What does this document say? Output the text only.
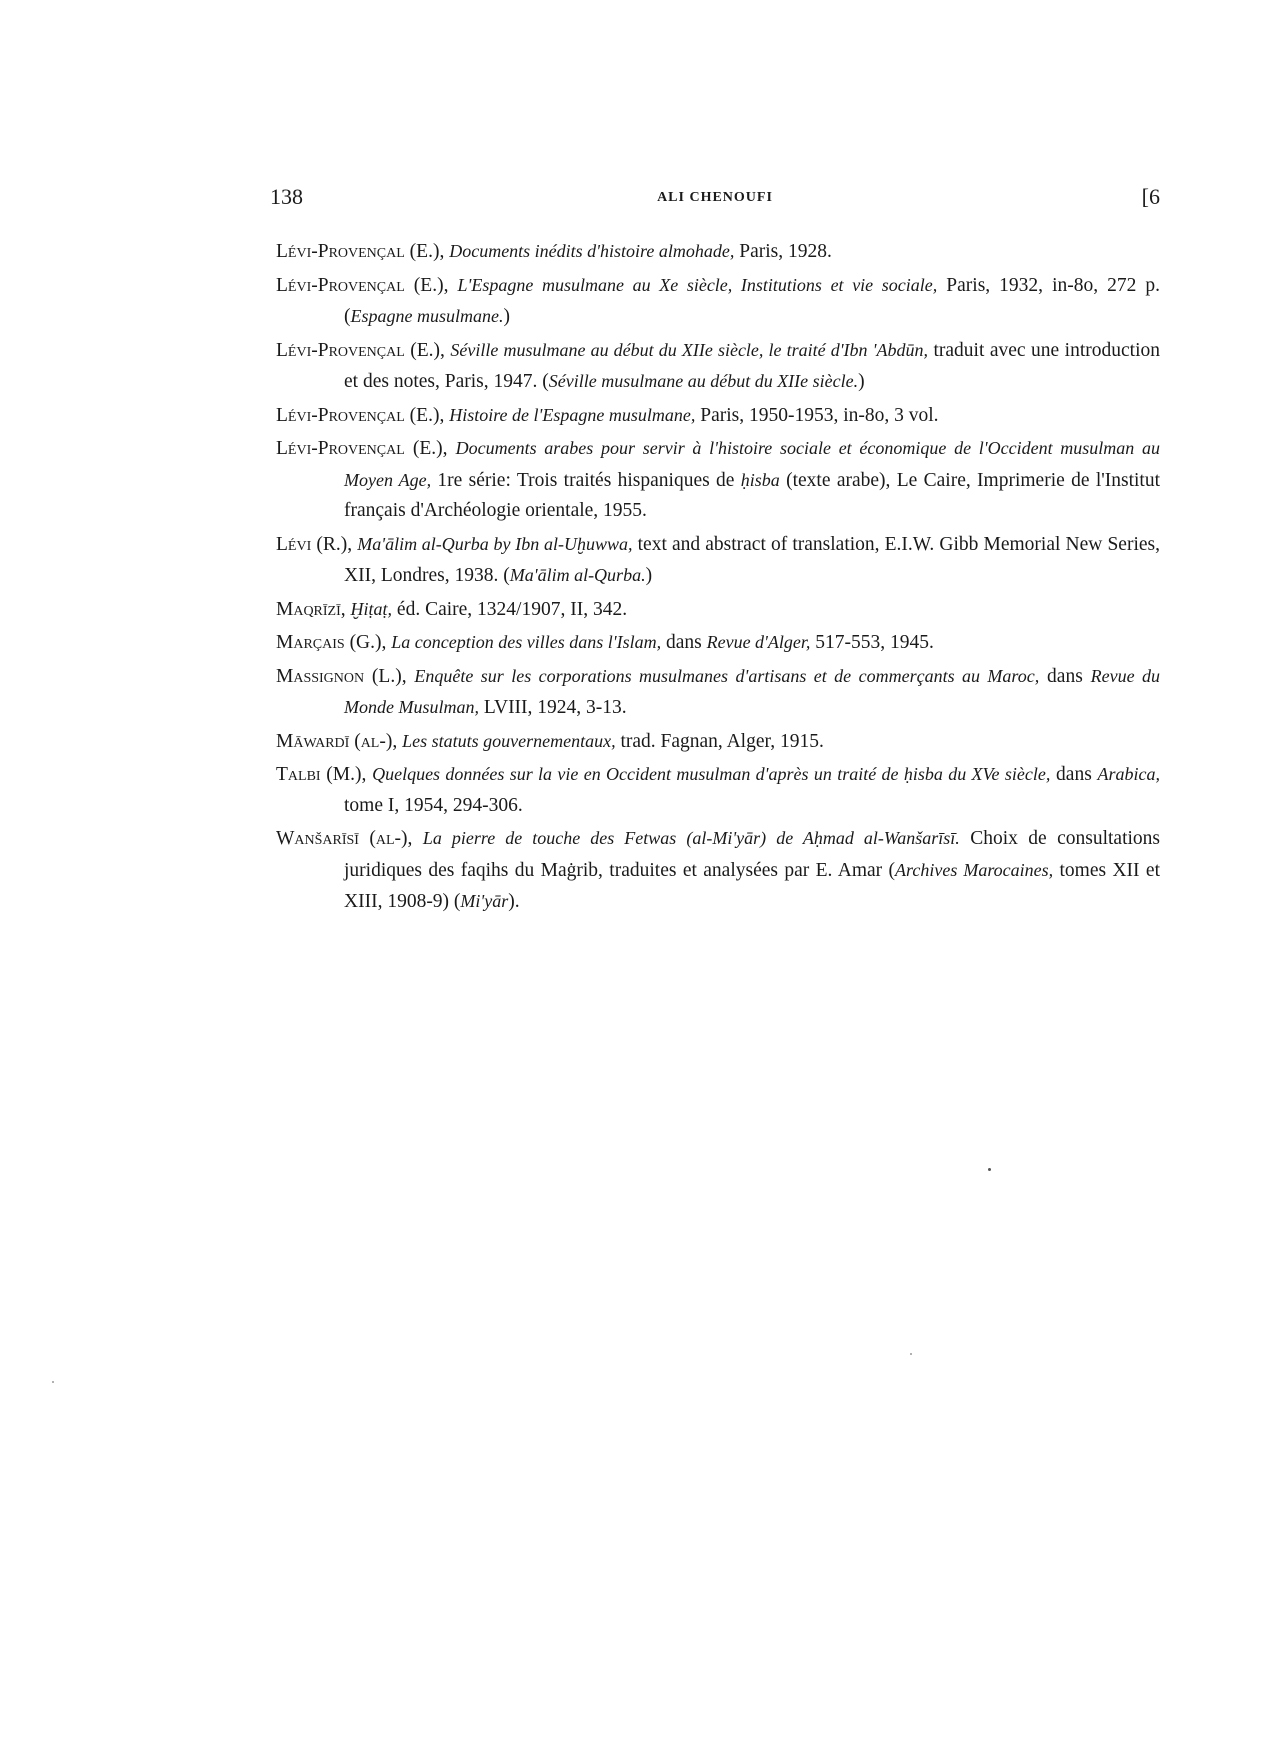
138	ALI CHENOUFI	[6
Lévi-Provençal (E.), Documents inédits d'histoire almohade, Paris, 1928.
Lévi-Provençal (E.), L'Espagne musulmane au Xe siècle, Institutions et vie sociale, Paris, 1932, in-8o, 272 p. (Espagne musulmane.)
Lévi-Provençal (E.), Séville musulmane au début du XIIe siècle, le traité d'Ibn 'Abdūn, traduit avec une introduction et des notes, Paris, 1947. (Séville musulmane au début du XIIe siècle.)
Lévi-Provençal (E.), Histoire de l'Espagne musulmane, Paris, 1950-1953, in-8o, 3 vol.
Lévi-Provençal (E.), Documents arabes pour servir à l'histoire sociale et économique de l'Occident musulman au Moyen Age, 1re série: Trois traités hispaniques de ḥisba (texte arabe), Le Caire, Imprimerie de l'Institut français d'Archéologie orientale, 1955.
Lévi (R.), Ma'ālim al-Qurba by Ibn al-Uḫuwwa, text and abstract of translation, E.I.W. Gibb Memorial New Series, XII, Londres, 1938. (Ma'ālim al-Qurba.)
Maqrīzī, Ḫiṭaṭ, éd. Caire, 1324/1907, II, 342.
Marçais (G.), La conception des villes dans l'Islam, dans Revue d'Alger, 517-553, 1945.
Massignon (L.), Enquête sur les corporations musulmanes d'artisans et de commerçants au Maroc, dans Revue du Monde Musulman, LVIII, 1924, 3-13.
Māwardī (al-), Les statuts gouvernementaux, trad. Fagnan, Alger, 1915.
Talbi (M.), Quelques données sur la vie en Occident musulman d'après un traité de ḥisba du XVe siècle, dans Arabica, tome I, 1954, 294-306.
Wanšarīsī (al-), La pierre de touche des Fetwas (al-Mi'yār) de Aḥmad al-Wanšarīsī. Choix de consultations juridiques des faqihs du Maġrib, traduites et analysées par E. Amar (Archives Marocaines, tomes XII et XIII, 1908-9) (Mi'yār).
